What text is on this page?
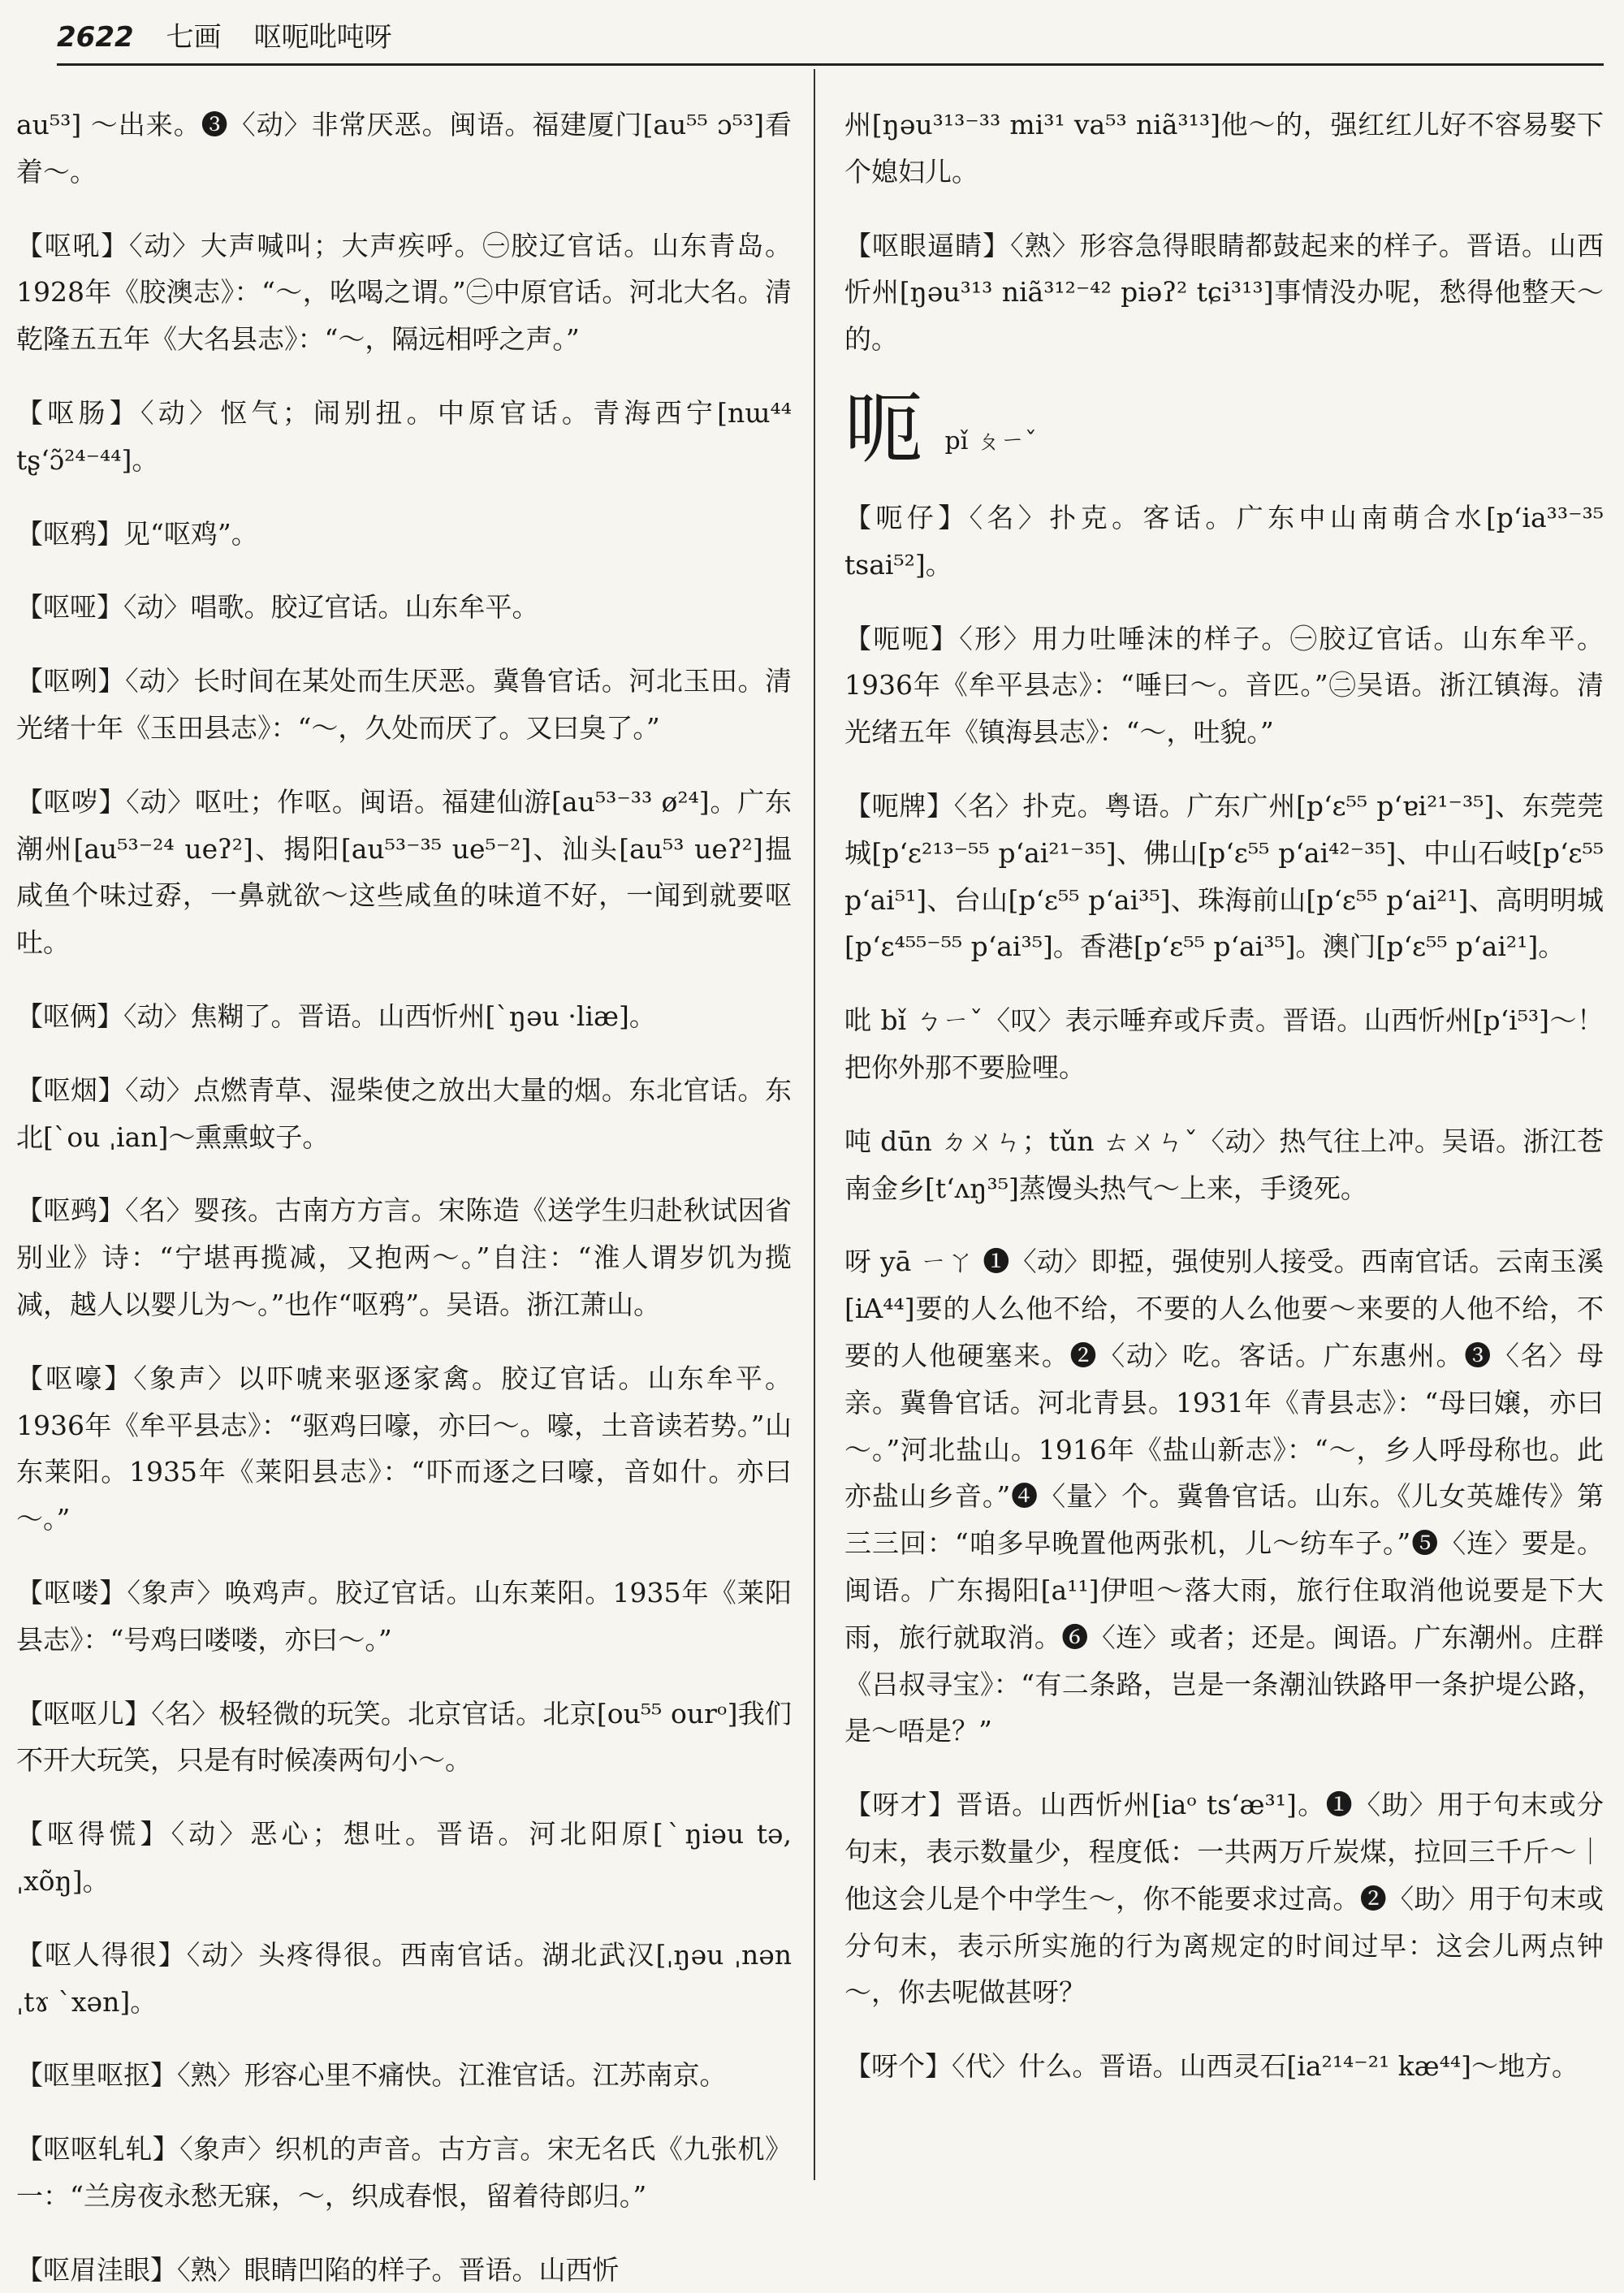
2622 七画 呕呃吡吨呀

au⁵³] ～出来。❸〈动〉非常厌恶。闽语。福建厦门[au⁵⁵ ɔ⁵³]看着～。

【呕吼】〈动〉大声喊叫；大声疾呼。㊀胶辽官话。山东青岛。1928年《胶澳志》：“～，吆喝之谓。”㊁中原官话。河北大名。清乾隆五五年《大名县志》：“～，隔远相呼之声。”

【呕肠】〈动〉怄气；闹别扭。中原官话。青海西宁[nɯ⁴⁴ tʂʻɔ̃²⁴⁻⁴⁴]。

【呕鸦】见“呕鸡”。

【呕哑】〈动〉唱歌。胶辽官话。山东牟平。

【呕咧】〈动〉长时间在某处而生厌恶。冀鲁官话。河北玉田。清光绪十年《玉田县志》：“～，久处而厌了。又曰臭了。”

【呕哕】〈动〉呕吐；作呕。闽语。福建仙游[au⁵³⁻³³ ø²⁴]。广东潮州[au⁵³⁻²⁴ ueʔ²]、揭阳[au⁵³⁻³⁵ ue⁵⁻²]、汕头[au⁵³ ueʔ²]揾咸鱼个味过孬，一鼻就欲～这些咸鱼的味道不好，一闻到就要呕吐。

【呕俩】〈动〉焦糊了。晋语。山西忻州[ˋŋəu ·liæ]。

【呕烟】〈动〉点燃青草、湿柴使之放出大量的烟。东北官话。东北[ˋou ˌian]～熏熏蚊子。

【呕鹀】〈名〉婴孩。古南方方言。宋陈造《送学生归赴秋试因省别业》诗：“宁堪再揽减，又抱两～。”自注：“淮人谓岁饥为揽减，越人以婴儿为～。”也作“呕鸦”。吴语。浙江萧山。

【呕嚎】〈象声〉以吓唬来驱逐家禽。胶辽官话。山东牟平。1936年《牟平县志》：“驱鸡曰嚎，亦曰～。嚎，土音读若势。”山东莱阳。1935年《莱阳县志》：“吓而逐之曰嚎，音如什。亦曰～。”

【呕喽】〈象声〉唤鸡声。胶辽官话。山东莱阳。1935年《莱阳县志》：“号鸡曰喽喽，亦曰～。”

【呕呕儿】〈名〉极轻微的玩笑。北京官话。北京[ou⁵⁵ ourᵒ]我们不开大玩笑，只是有时候凑两句小～。

【呕得慌】〈动〉恶心；想吐。晋语。河北阳原[ˋŋiəu tə, ˌxõŋ]。

【呕人得很】〈动〉头疼得很。西南官话。湖北武汉[ˌŋəu ˌnən ˌtɤ ˋxən]。

【呕里呕抠】〈熟〉形容心里不痛快。江淮官话。江苏南京。

【呕呕轧轧】〈象声〉织机的声音。古方言。宋无名氏《九张机》一：“兰房夜永愁无寐，～，织成春恨，留着待郎归。”

【呕眉洼眼】〈熟〉眼睛凹陷的样子。晋语。山西忻

州[ŋəu³¹³⁻³³ mi³¹ va⁵³ niã³¹³]他～的，强红红儿好不容易娶下个媳妇儿。

【呕眼逼睛】〈熟〉形容急得眼睛都鼓起来的样子。晋语。山西忻州[ŋəu³¹³ niã³¹²⁻⁴² piəʔ² tɕi³¹³]事情没办呢，愁得他整天～的。

呃 pǐ ㄆㄧˇ

【呃仔】〈名〉扑克。客话。广东中山南萌合水[pʻia³³⁻³⁵ tsai⁵²]。

【呃呃】〈形〉用力吐唾沫的样子。㊀胶辽官话。山东牟平。1936年《牟平县志》：“唾曰～。音匹。”㊁吴语。浙江镇海。清光绪五年《镇海县志》：“～，吐貌。”

【呃牌】〈名〉扑克。粤语。广东广州[pʻɛ⁵⁵ pʻɐi²¹⁻³⁵]、东莞莞城[pʻɛ²¹³⁻⁵⁵ pʻai²¹⁻³⁵]、佛山[pʻɛ⁵⁵ pʻai⁴²⁻³⁵]、中山石岐[pʻɛ⁵⁵ pʻai⁵¹]、台山[pʻɛ⁵⁵ pʻai³⁵]、珠海前山[pʻɛ⁵⁵ pʻai²¹]、高明明城[pʻɛ⁴⁵⁵⁻⁵⁵ pʻai³⁵]。香港[pʻɛ⁵⁵ pʻai³⁵]。澳门[pʻɛ⁵⁵ pʻai²¹]。

吡 bǐ ㄅㄧˇ〈叹〉表示唾弃或斥责。晋语。山西忻州[pʻi⁵³]～！把你外那不要脸哩。

吨 dūn ㄉㄨㄣ；tǔn ㄊㄨㄣˇ〈动〉热气往上冲。吴语。浙江苍南金乡[tʻʌŋ³⁵]蒸馒头热气～上来，手烫死。

呀 yā ㄧㄚ ❶〈动〉即掗，强使别人接受。西南官话。云南玉溪[iA⁴⁴]要的人么他不给，不要的人么他要～来要的人他不给，不要的人他硬塞来。❷〈动〉吃。客话。广东惠州。❸〈名〉母亲。冀鲁官话。河北青县。1931年《青县志》：“母曰嬢，亦曰～。”河北盐山。1916年《盐山新志》：“～，乡人呼母称也。此亦盐山乡音。”❹〈量〉个。冀鲁官话。山东。《儿女英雄传》第三三回：“咱多早晚置他两张机，儿～纺车子。”❺〈连〉要是。闽语。广东揭阳[a¹¹]伊呾～落大雨，旅行住取消他说要是下大雨，旅行就取消。❻〈连〉或者；还是。闽语。广东潮州。庄群《吕叔寻宝》：“有二条路，岂是一条潮汕铁路甲一条护堤公路，是～唔是？”

【呀才】晋语。山西忻州[iaᵒ tsʻæ³¹]。❶〈助〉用于句末或分句末，表示数量少，程度低：一共两万斤炭煤，拉回三千斤～｜他这会儿是个中学生～，你不能要求过高。❷〈助〉用于句末或分句末，表示所实施的行为离规定的时间过早：这会儿两点钟～，你去呢做甚呀？

【呀个】〈代〉什么。晋语。山西灵石[ia²¹⁴⁻²¹ kæ⁴⁴]～地方。
